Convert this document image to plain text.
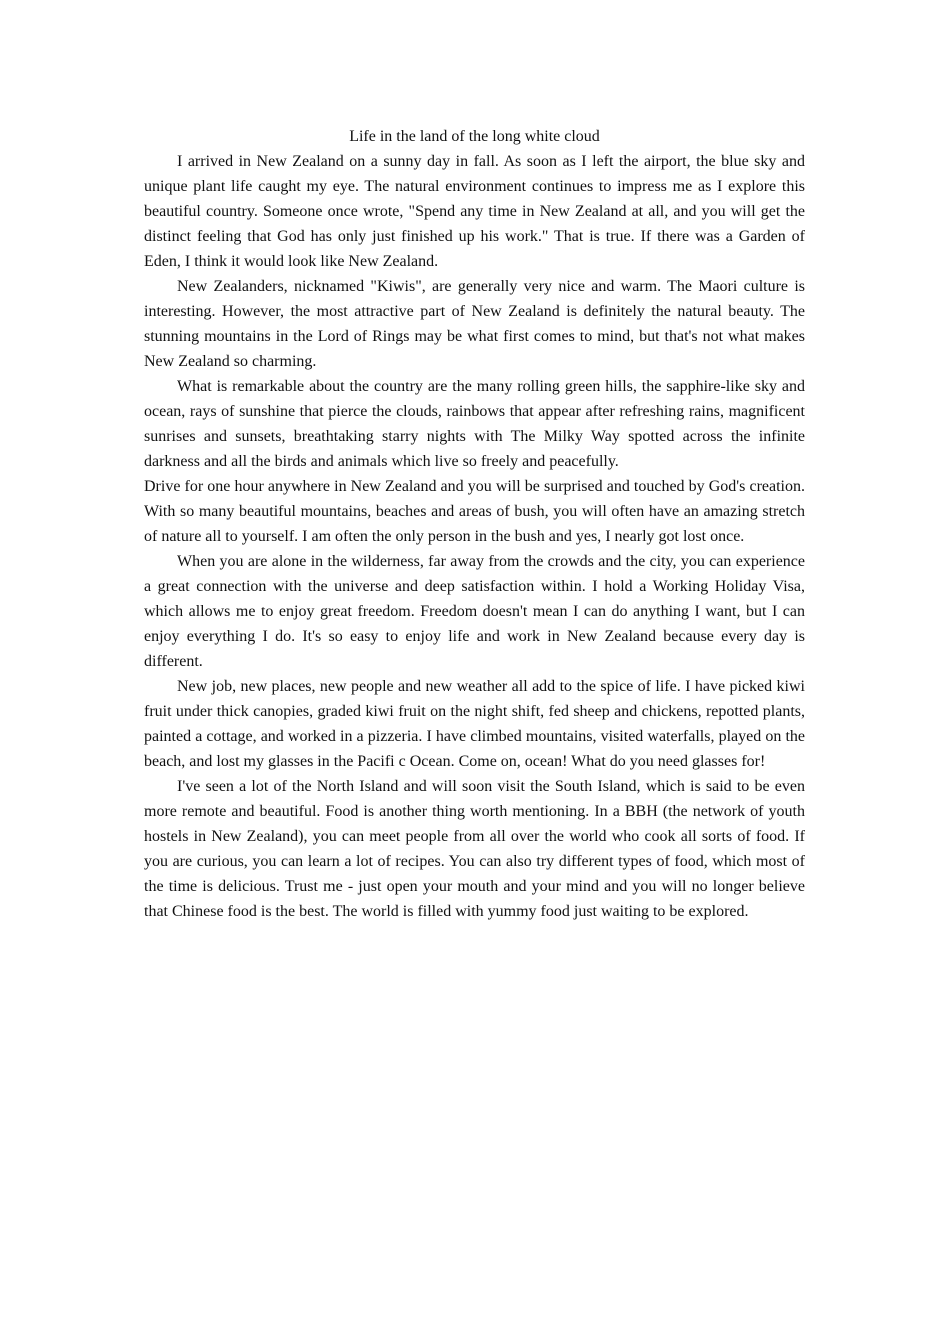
Life in the land of the long white cloud

I arrived in New Zealand on a sunny day in fall. As soon as I left the airport, the blue sky and unique plant life caught my eye. The natural environment continues to impress me as I explore this beautiful country. Someone once wrote, "Spend any time in New Zealand at all, and you will get the distinct feeling that God has only just finished up his work." That is true. If there was a Garden of Eden, I think it would look like New Zealand.

New Zealanders, nicknamed "Kiwis", are generally very nice and warm. The Maori culture is interesting. However, the most attractive part of New Zealand is definitely the natural beauty. The stunning mountains in the Lord of Rings may be what first comes to mind, but that's not what makes New Zealand so charming.

What is remarkable about the country are the many rolling green hills, the sapphire-like sky and ocean, rays of sunshine that pierce the clouds, rainbows that appear after refreshing rains, magnificent sunrises and sunsets, breathtaking starry nights with The Milky Way spotted across the infinite darkness and all the birds and animals which live so freely and peacefully.

Drive for one hour anywhere in New Zealand and you will be surprised and touched by God's creation. With so many beautiful mountains, beaches and areas of bush, you will often have an amazing stretch of nature all to yourself. I am often the only person in the bush and yes, I nearly got lost once.

When you are alone in the wilderness, far away from the crowds and the city, you can experience a great connection with the universe and deep satisfaction within. I hold a Working Holiday Visa, which allows me to enjoy great freedom. Freedom doesn't mean I can do anything I want, but I can enjoy everything I do. It's so easy to enjoy life and work in New Zealand because every day is different.

New job, new places, new people and new weather all add to the spice of life. I have picked kiwi fruit under thick canopies, graded kiwi fruit on the night shift, fed sheep and chickens, repotted plants, painted a cottage, and worked in a pizzeria. I have climbed mountains, visited waterfalls, played on the beach, and lost my glasses in the Pacifi c Ocean. Come on, ocean! What do you need glasses for!

I've seen a lot of the North Island and will soon visit the South Island, which is said to be even more remote and beautiful. Food is another thing worth mentioning. In a BBH (the network of youth hostels in New Zealand), you can meet people from all over the world who cook all sorts of food. If you are curious, you can learn a lot of recipes. You can also try different types of food, which most of the time is delicious. Trust me - just open your mouth and your mind and you will no longer believe that Chinese food is the best. The world is filled with yummy food just waiting to be explored.
